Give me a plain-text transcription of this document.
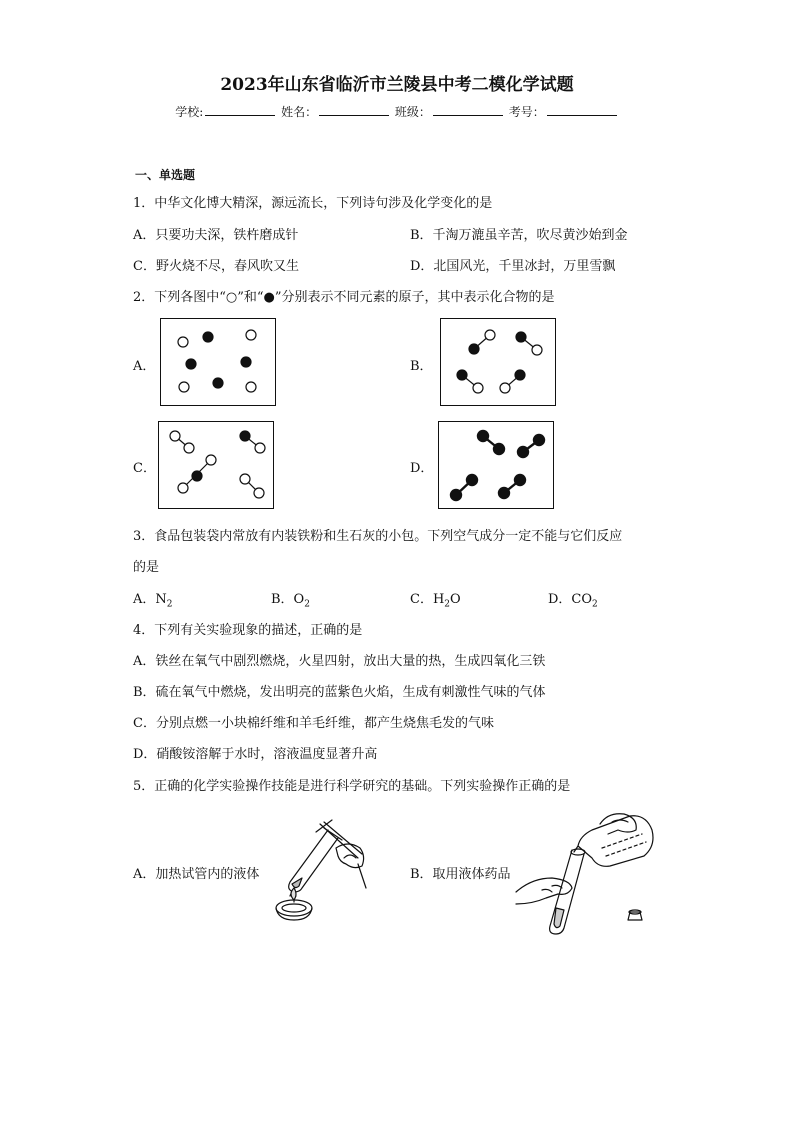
2023年山东省临沂市兰陵县中考二模化学试题
学校:	姓名：	班级：	考号：
一、单选题
1．中华文化博大精深，源远流长，下列诗句涉及化学变化的是
A．只要功夫深，铁杵磨成针	B．千淘万漉虽辛苦，吹尽黄沙始到金
C．野火烧不尽，春风吹又生	D．北国风光，千里冰封，万里雪飘
2．下列各图中“○”和“●”分别表示不同元素的原子，其中表示化合物的是
A．	B．
C．	D．
3．食品包装袋内常放有内装铁粉和生石灰的小包。下列空气成分一定不能与它们反应
的是
A．$N_2$	B．$O_2$	C．$H_2O$	D．$CO_2$
4．下列有关实验现象的描述，正确的是
A．铁丝在氧气中剧烈燃烧，火星四射，放出大量的热，生成四氧化三铁
B．硫在氧气中燃烧，发出明亮的蓝紫色火焰，生成有刺激性气味的气体
C．分别点燃一小块棉纤维和羊毛纤维，都产生烧焦毛发的气味
D．硝酸铵溶解于水时，溶液温度显著升高
5．正确的化学实验操作技能是进行科学研究的基础。下列实验操作正确的是
A．加热试管内的液体	B．取用液体药品
